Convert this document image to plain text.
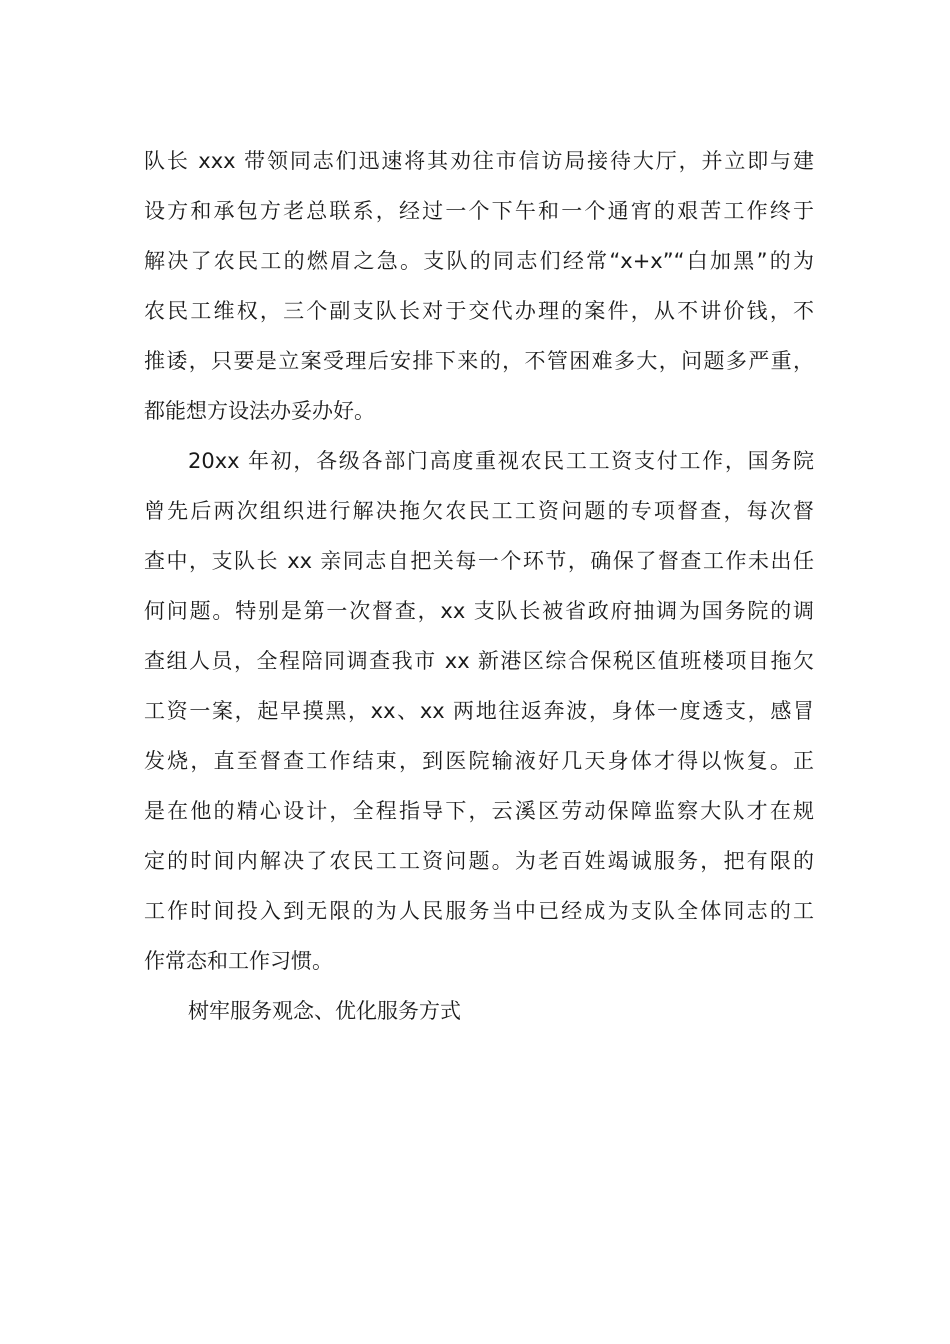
队长 xxx 带领同志们迅速将其劝往市信访局接待大厅，并立即与建
设方和承包方老总联系，经过一个下午和一个通宵的艰苦工作终于
解决了农民工的燃眉之急。支队的同志们经常“x+x”“白加黑”的为
农民工维权，三个副支队长对于交代办理的案件，从不讲价钱，不
推诿，只要是立案受理后安排下来的，不管困难多大，问题多严重，
都能想方设法办妥办好。
20xx 年初，各级各部门高度重视农民工工资支付工作，国务院
曾先后两次组织进行解决拖欠农民工工资问题的专项督查，每次督
查中，支队长 xx 亲同志自把关每一个环节，确保了督查工作未出任
何问题。特别是第一次督查，xx 支队长被省政府抽调为国务院的调
查组人员，全程陪同调查我市 xx 新港区综合保税区值班楼项目拖欠
工资一案，起早摸黑，xx、xx 两地往返奔波，身体一度透支，感冒
发烧，直至督查工作结束，到医院输液好几天身体才得以恢复。正
是在他的精心设计，全程指导下，云溪区劳动保障监察大队才在规
定的时间内解决了农民工工资问题。为老百姓竭诚服务，把有限的
工作时间投入到无限的为人民服务当中已经成为支队全体同志的工
作常态和工作习惯。
树牢服务观念、优化服务方式
